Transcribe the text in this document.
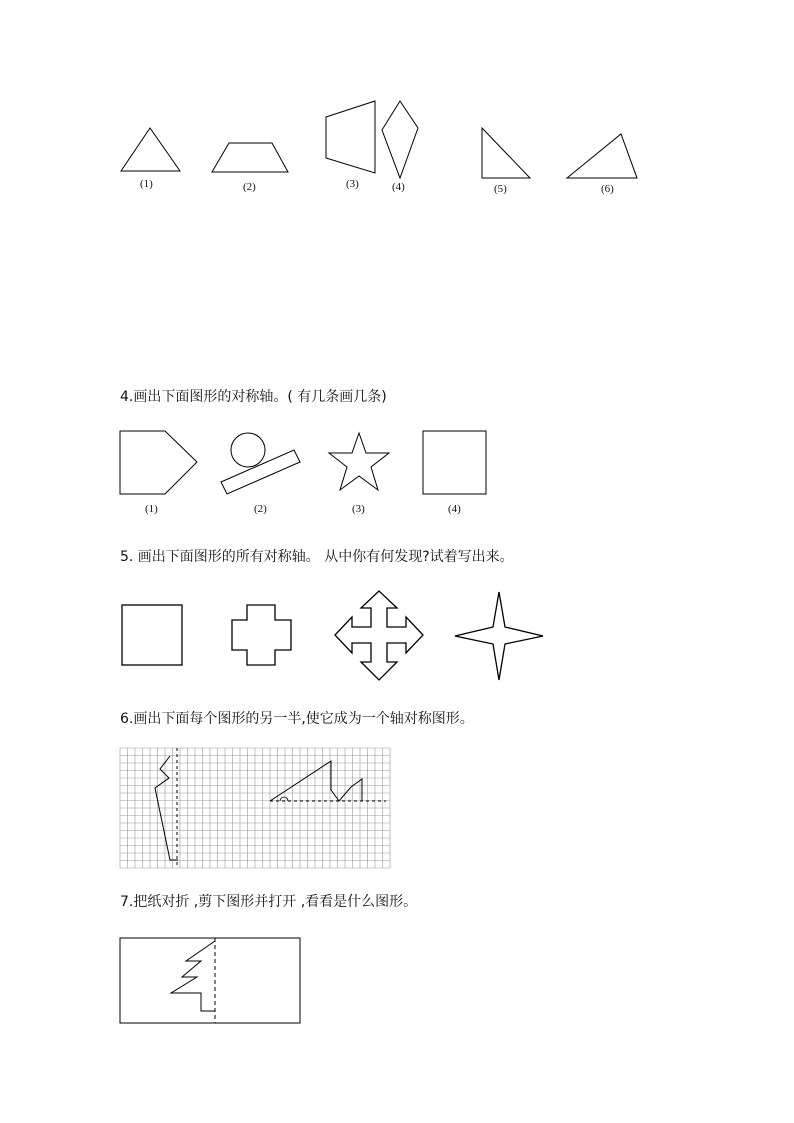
(1)	(2)	(3)	(4)	(5)	(6)
4.画出下面图形的对称轴。( 有几条画几条)
(1)	(2)	(3)	(4)
5. 画出下面图形的所有对称轴。 从中你有何发现?试着写出来。
6.画出下面每个图形的另一半,使它成为一个轴对称图形。
7.把纸对折 ,剪下图形并打开 ,看看是什么图形。
